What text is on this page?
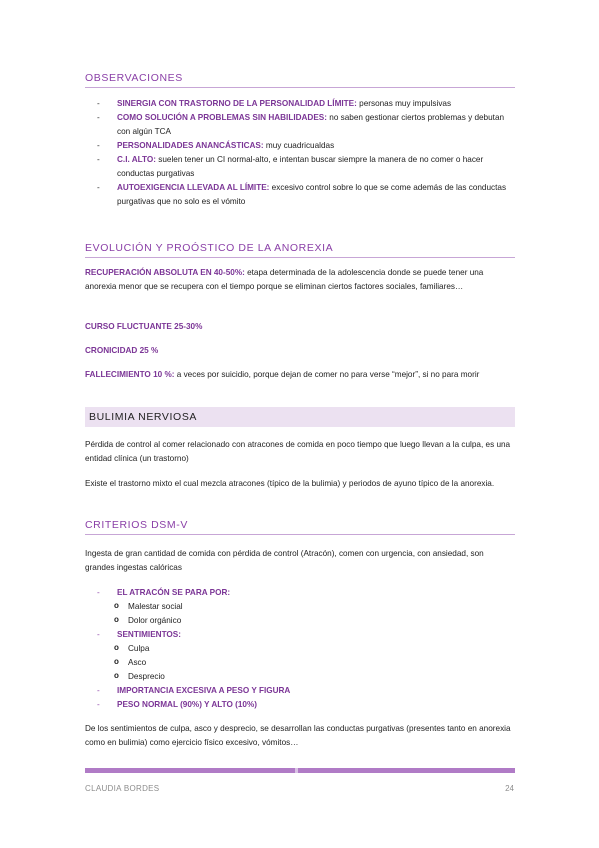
OBSERVACIONES
- SINERGIA CON TRASTORNO DE LA PERSONALIDAD LÍMITE: personas muy impulsivas
- COMO SOLUCIÓN A PROBLEMAS SIN HABILIDADES: no saben gestionar ciertos problemas y debutan con algún TCA
- PERSONALIDADES ANANCÁSTICAS: muy cuadricualdas
- C.I. ALTO: suelen tener un CI normal-alto, e intentan buscar siempre la manera de no comer o hacer conductas purgativas
- AUTOEXIGENCIA LLEVADA AL LÍMITE: excesivo control sobre lo que se come además de las conductas purgativas que no solo es el vómito
EVOLUCIÓN Y PROÓSTICO DE LA ANOREXIA
RECUPERACIÓN ABSOLUTA EN 40-50%: etapa determinada de la adolescencia donde se puede tener una anorexia menor que se recupera con el tiempo porque se eliminan ciertos factores sociales, familiares…
CURSO FLUCTUANTE 25-30%
CRONICIDAD 25 %
FALLECIMIENTO 10 %: a veces por suicidio, porque dejan de comer no para verse “mejor”, si no para morir
BULIMIA NERVIOSA
Pérdida de control al comer relacionado con atracones de comida en poco tiempo que luego llevan a la culpa, es una entidad clínica (un trastorno)
Existe el trastorno mixto el cual mezcla atracones (típico de la bulimia) y periodos de ayuno típico de la anorexia.
CRITERIOS DSM-V
Ingesta de gran cantidad de comida con pérdida de control (Atracón), comen con urgencia, con ansiedad, son grandes ingestas calóricas
- EL ATRACÓN SE PARA POR:
o Malestar social
o Dolor orgánico
- SENTIMIENTOS:
o Culpa
o Asco
o Desprecio
- IMPORTANCIA EXCESIVA A PESO Y FIGURA
- PESO NORMAL (90%) Y ALTO (10%)
De los sentimientos de culpa, asco y desprecio, se desarrollan las conductas purgativas (presentes tanto en anorexia como en bulimia) como ejercicio físico excesivo, vómitos…
CLAUDIA BORDES	24
